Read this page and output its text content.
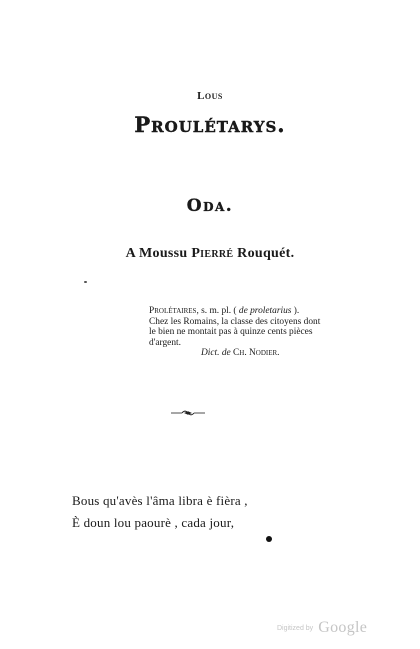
Lous
Proulétarys.
Oda.
A Moussu Pierré Rouquét.
Prolétaires, s. m. pl. ( de proletarius ).
Chez les Romains, la classe des citoyens dont
le bien ne montait pas à quinze cents pièces
d'argent.
Dict. de Ch. Nodier.
Bous qu'avès l'âma libra è fièra ,
È doun lou paourè , cada jour,
Digitized by Google
